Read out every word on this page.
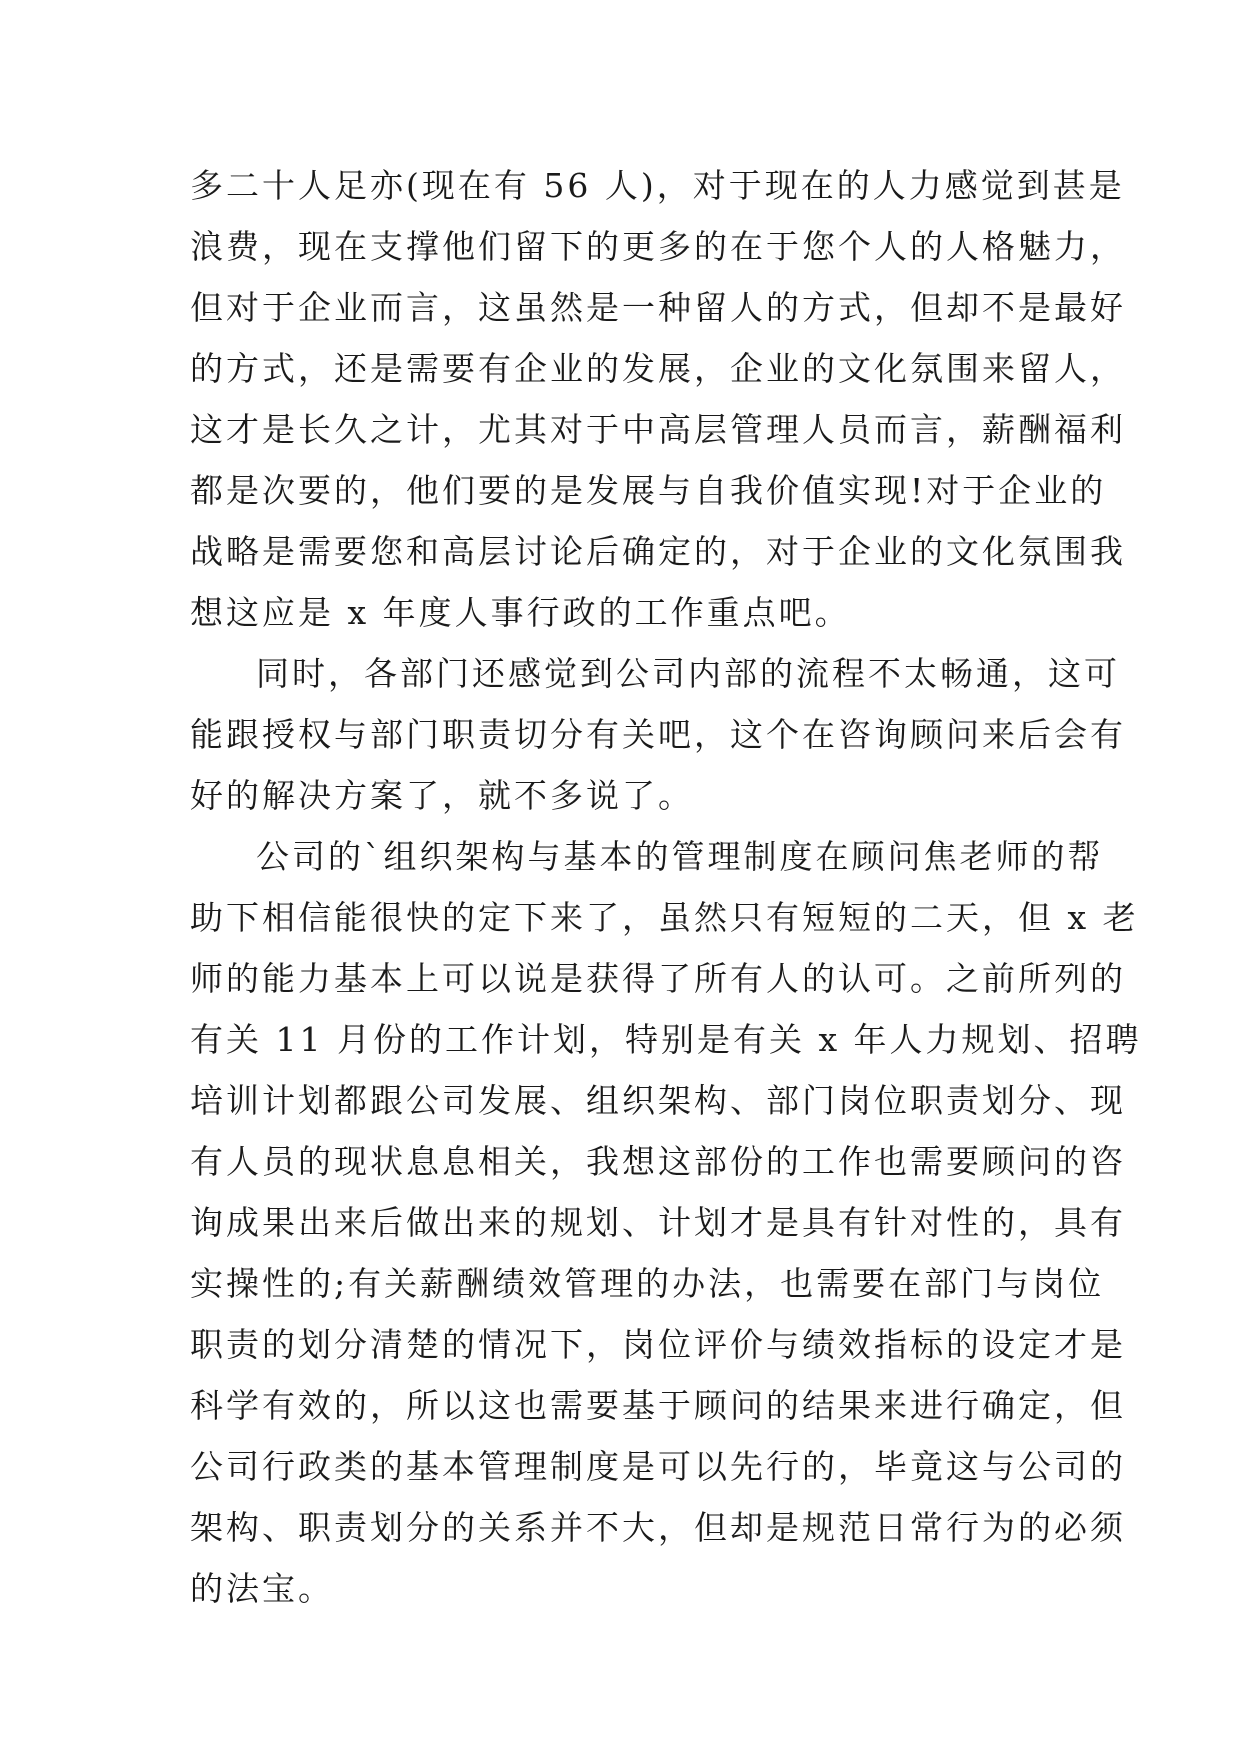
多二十人足亦(现在有 56 人)，对于现在的人力感觉到甚是
浪费，现在支撑他们留下的更多的在于您个人的人格魅力，
但对于企业而言，这虽然是一种留人的方式，但却不是最好
的方式，还是需要有企业的发展，企业的文化氛围来留人，
这才是长久之计，尤其对于中高层管理人员而言，薪酬福利
都是次要的，他们要的是发展与自我价值实现!对于企业的
战略是需要您和高层讨论后确定的，对于企业的文化氛围我
想这应是 x 年度人事行政的工作重点吧。
同时，各部门还感觉到公司内部的流程不太畅通，这可
能跟授权与部门职责切分有关吧，这个在咨询顾问来后会有
好的解决方案了，就不多说了。
公司的`组织架构与基本的管理制度在顾问焦老师的帮
助下相信能很快的定下来了，虽然只有短短的二天，但 x 老
师的能力基本上可以说是获得了所有人的认可。之前所列的
有关 11 月份的工作计划，特别是有关 x 年人力规划、招聘
培训计划都跟公司发展、组织架构、部门岗位职责划分、现
有人员的现状息息相关，我想这部份的工作也需要顾问的咨
询成果出来后做出来的规划、计划才是具有针对性的，具有
实操性的;有关薪酬绩效管理的办法，也需要在部门与岗位
职责的划分清楚的情况下，岗位评价与绩效指标的设定才是
科学有效的，所以这也需要基于顾问的结果来进行确定，但
公司行政类的基本管理制度是可以先行的，毕竟这与公司的
架构、职责划分的关系并不大，但却是规范日常行为的必须
的法宝。
